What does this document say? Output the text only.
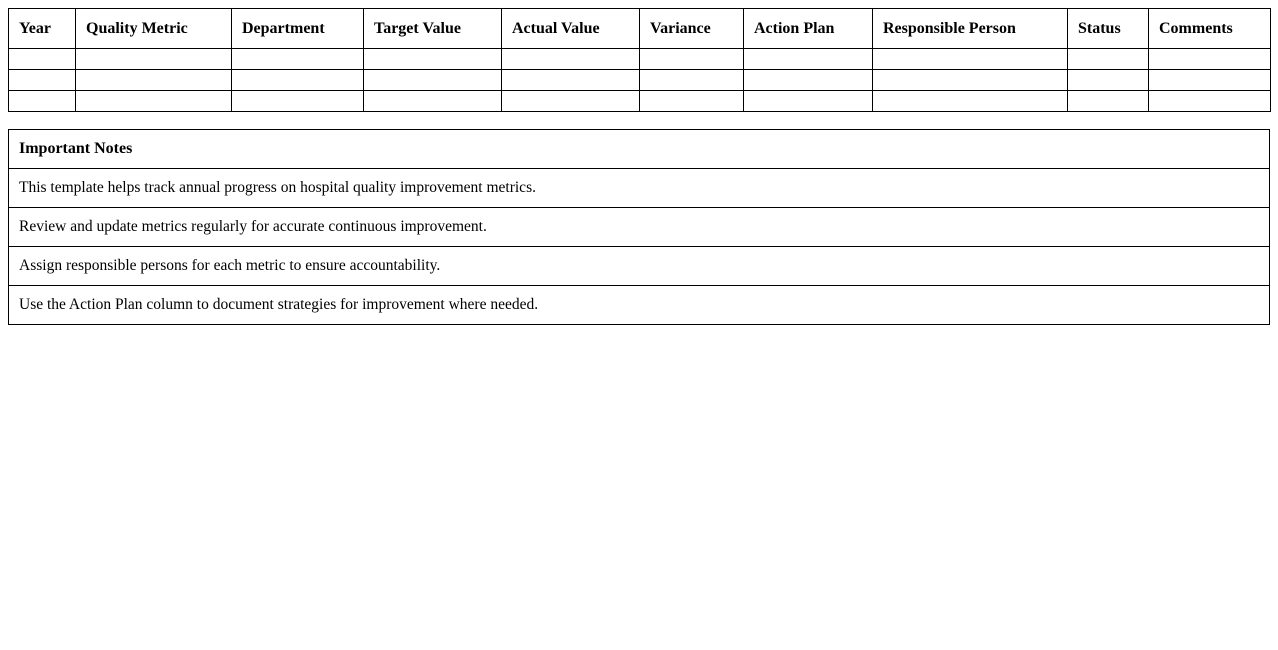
Year	Quality Metric	Department	Target Value	Actual Value	Variance	Action Plan	Responsible Person	Status	Comments

Important Notes
This template helps track annual progress on hospital quality improvement metrics.
Review and update metrics regularly for accurate continuous improvement.
Assign responsible persons for each metric to ensure accountability.
Use the Action Plan column to document strategies for improvement where needed.
